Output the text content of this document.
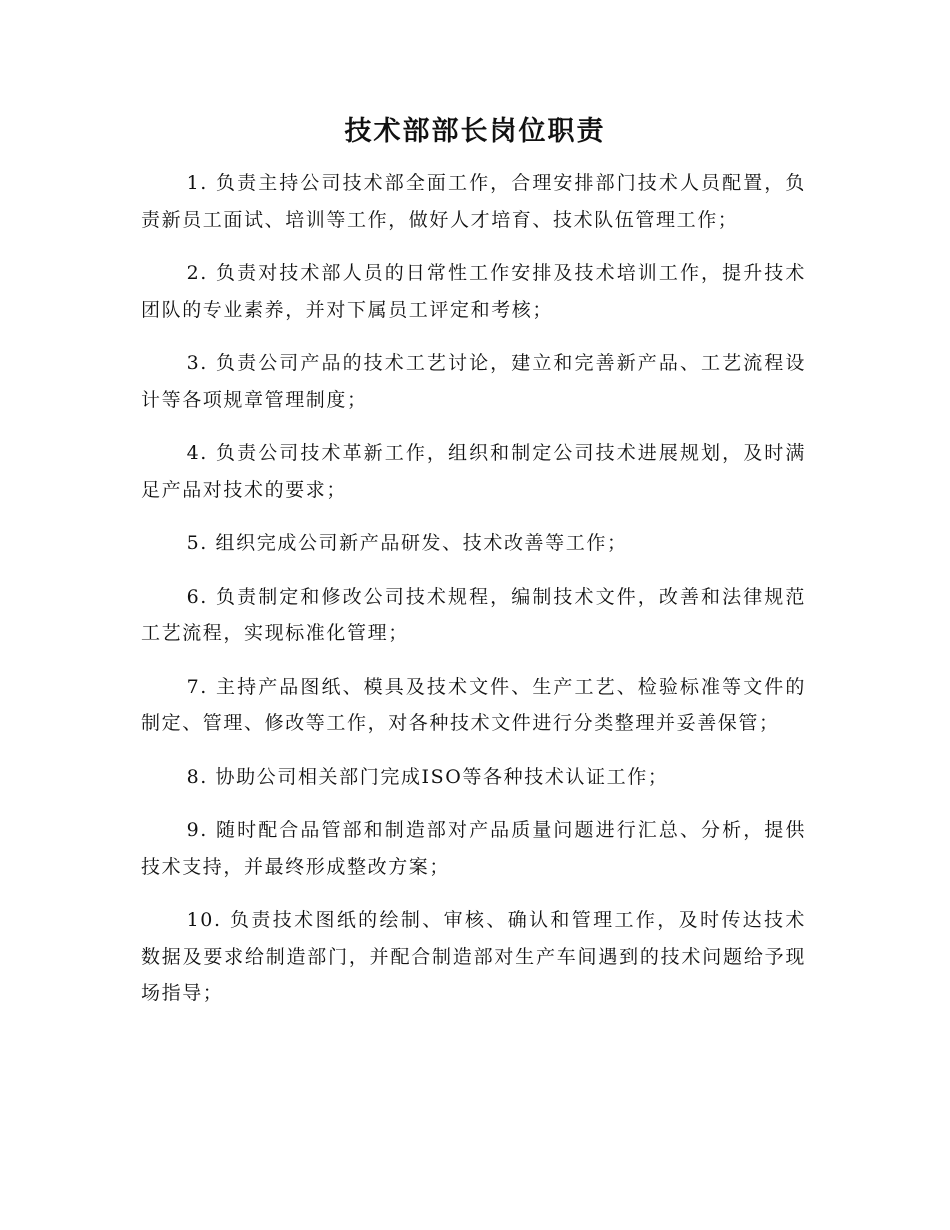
技术部部长岗位职责

1. 负责主持公司技术部全面工作，合理安排部门技术人员配置，负责新员工面试、培训等工作，做好人才培育、技术队伍管理工作；

2. 负责对技术部人员的日常性工作安排及技术培训工作，提升技术团队的专业素养，并对下属员工评定和考核；

3. 负责公司产品的技术工艺讨论，建立和完善新产品、工艺流程设计等各项规章管理制度；

4. 负责公司技术革新工作，组织和制定公司技术进展规划，及时满足产品对技术的要求；

5. 组织完成公司新产品研发、技术改善等工作；

6. 负责制定和修改公司技术规程，编制技术文件，改善和法律规范工艺流程，实现标准化管理；

7. 主持产品图纸、模具及技术文件、生产工艺、检验标准等文件的制定、管理、修改等工作，对各种技术文件进行分类整理并妥善保管；

8. 协助公司相关部门完成ISO等各种技术认证工作；

9. 随时配合品管部和制造部对产品质量问题进行汇总、分析，提供技术支持，并最终形成整改方案；

10. 负责技术图纸的绘制、审核、确认和管理工作，及时传达技术数据及要求给制造部门，并配合制造部对生产车间遇到的技术问题给予现场指导；
